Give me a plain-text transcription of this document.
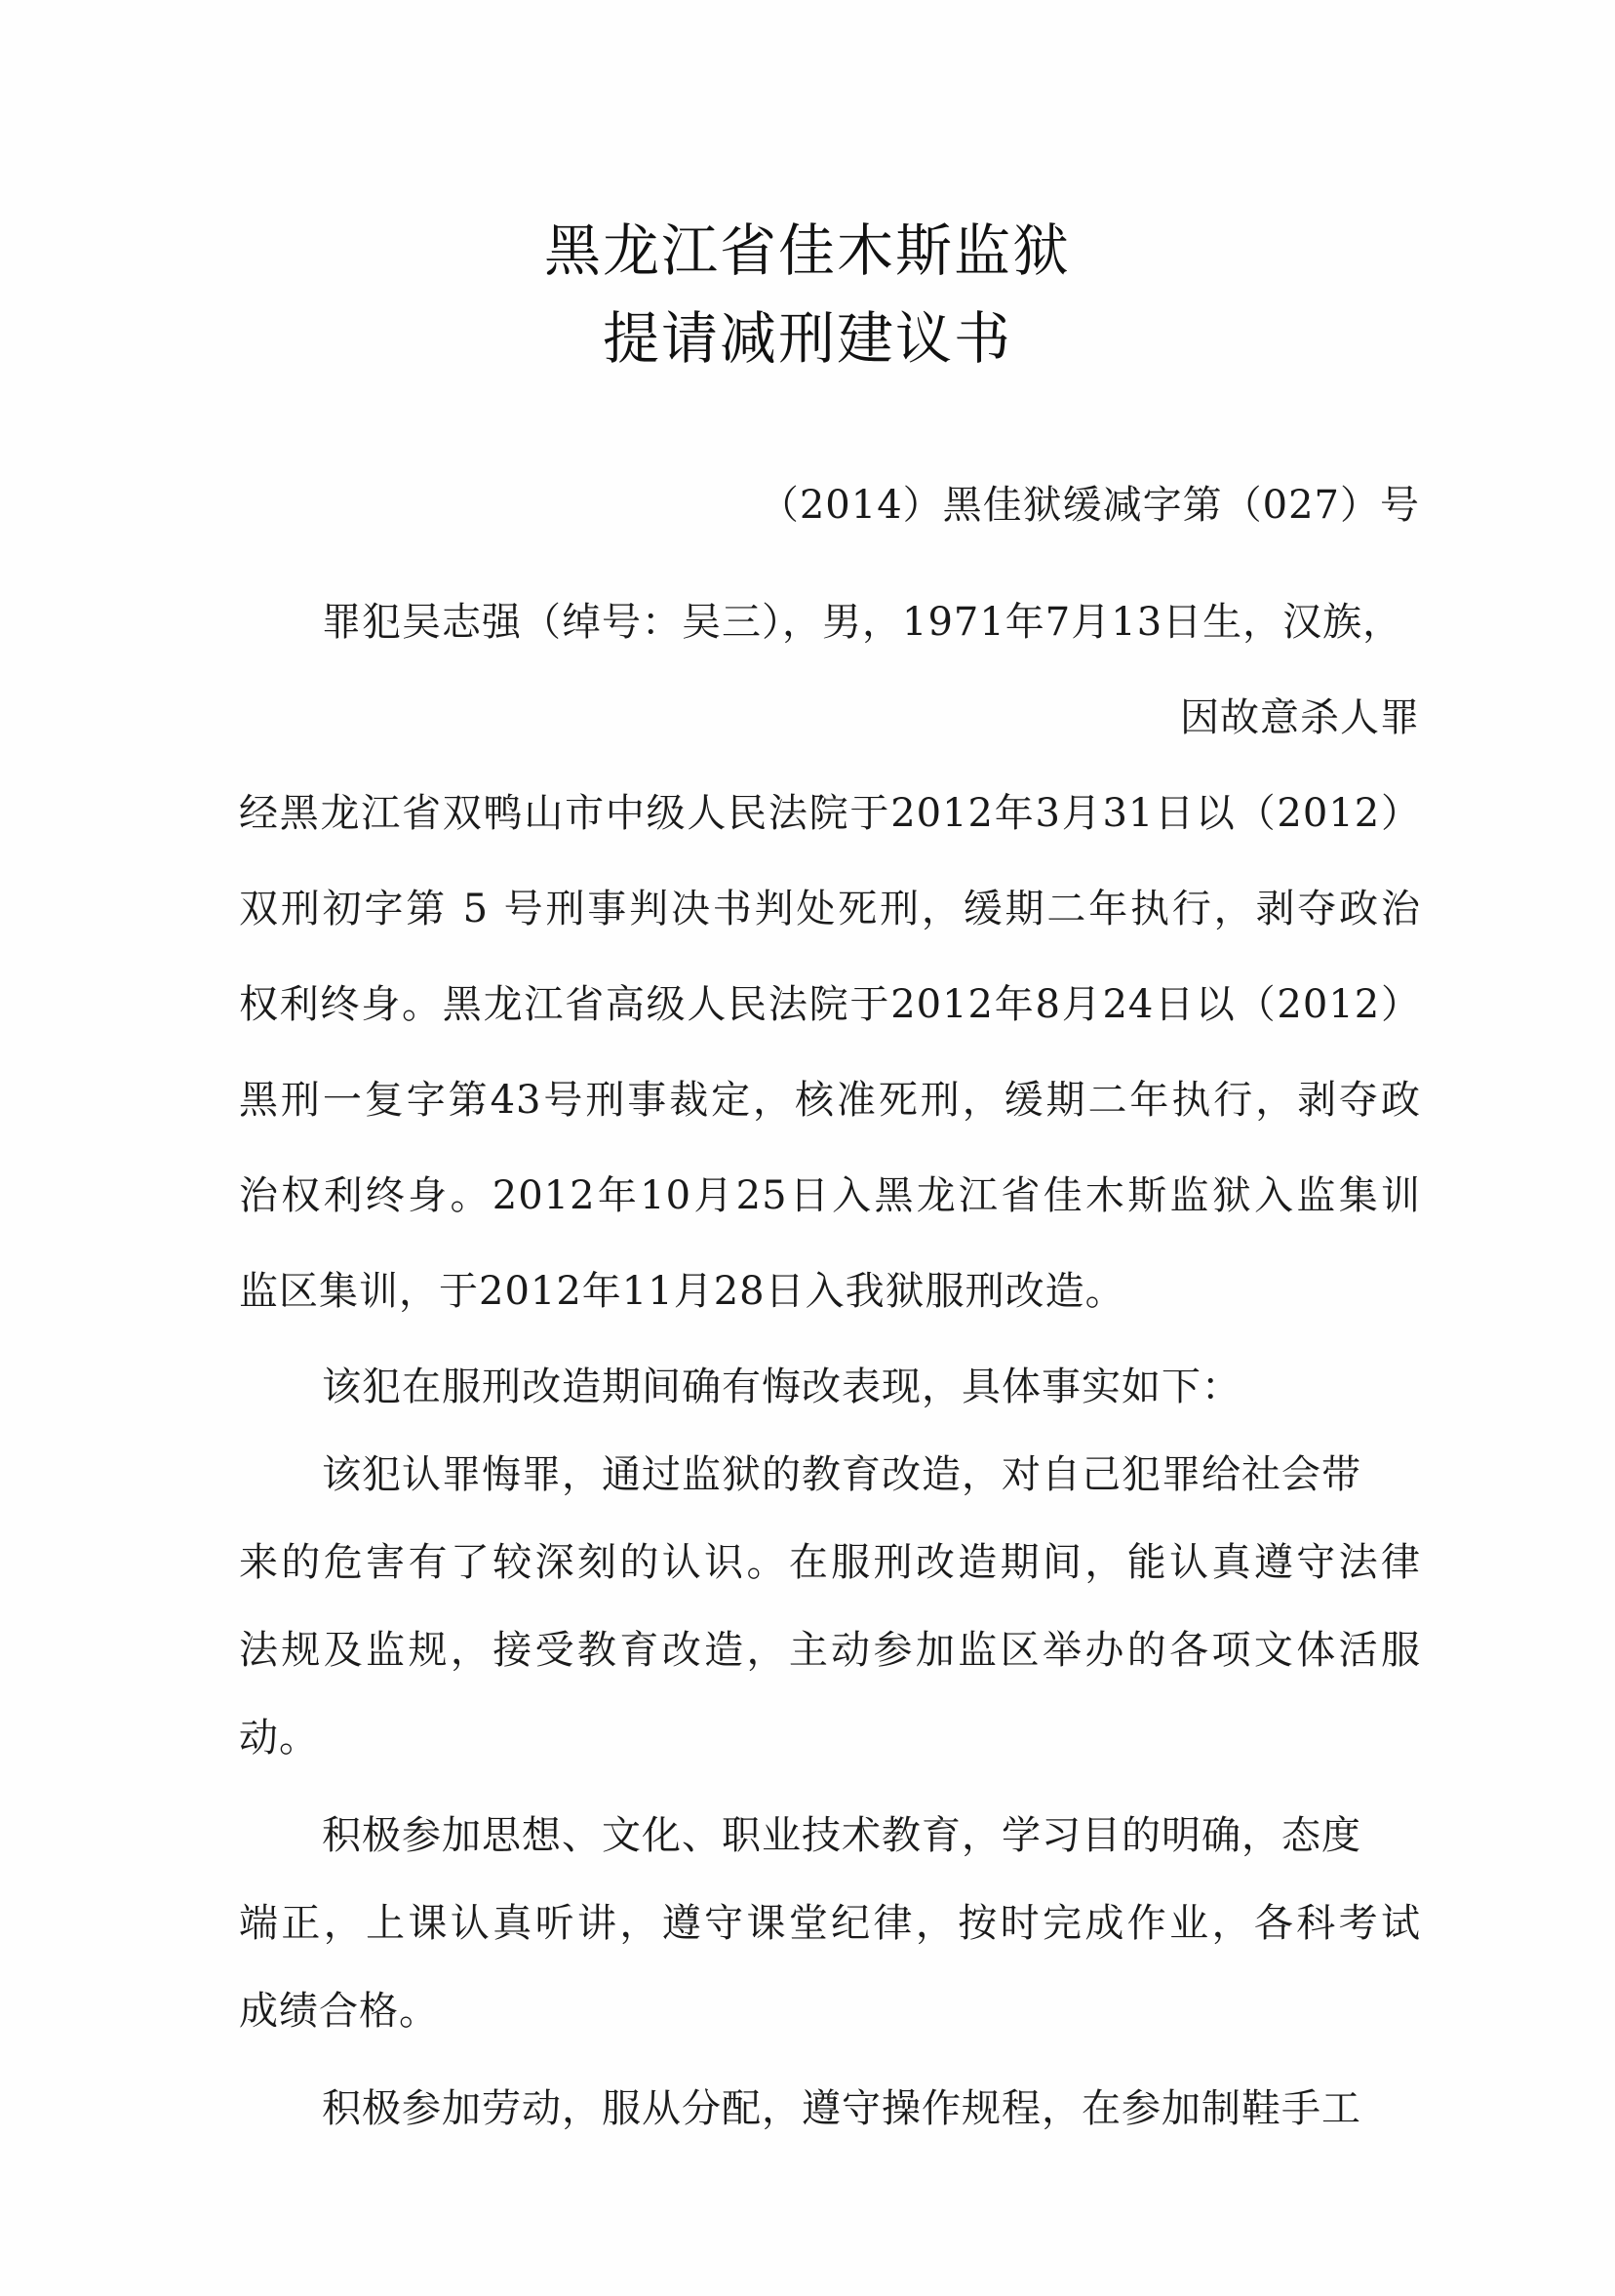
黑龙江省佳木斯监狱
提请减刑建议书
（2014）黑佳狱缓减字第（027）号

罪犯吴志强（绰号：吴三），男，1971年7月13日生，汉族，

因故意杀人罪

经黑龙江省双鸭山市中级人民法院于2012年3月31日以（2012）

双刑初字第 5 号刑事判决书判处死刑，缓期二年执行，剥夺政治

权利终身。黑龙江省高级人民法院于2012年8月24日以（2012）

黑刑一复字第43号刑事裁定，核准死刑，缓期二年执行，剥夺政

治权利终身。2012年10月25日入黑龙江省佳木斯监狱入监集训

监区集训，于2012年11月28日入我狱服刑改造。

该犯在服刑改造期间确有悔改表现，具体事实如下：

该犯认罪悔罪，通过监狱的教育改造，对自己犯罪给社会带

来的危害有了较深刻的认识。在服刑改造期间，能认真遵守法律

法规及监规，接受教育改造，主动参加监区举办的各项文体活服

动。

积极参加思想、文化、职业技术教育，学习目的明确，态度

端正，上课认真听讲，遵守课堂纪律，按时完成作业，各科考试

成绩合格。

积极参加劳动，服从分配，遵守操作规程，在参加制鞋手工
